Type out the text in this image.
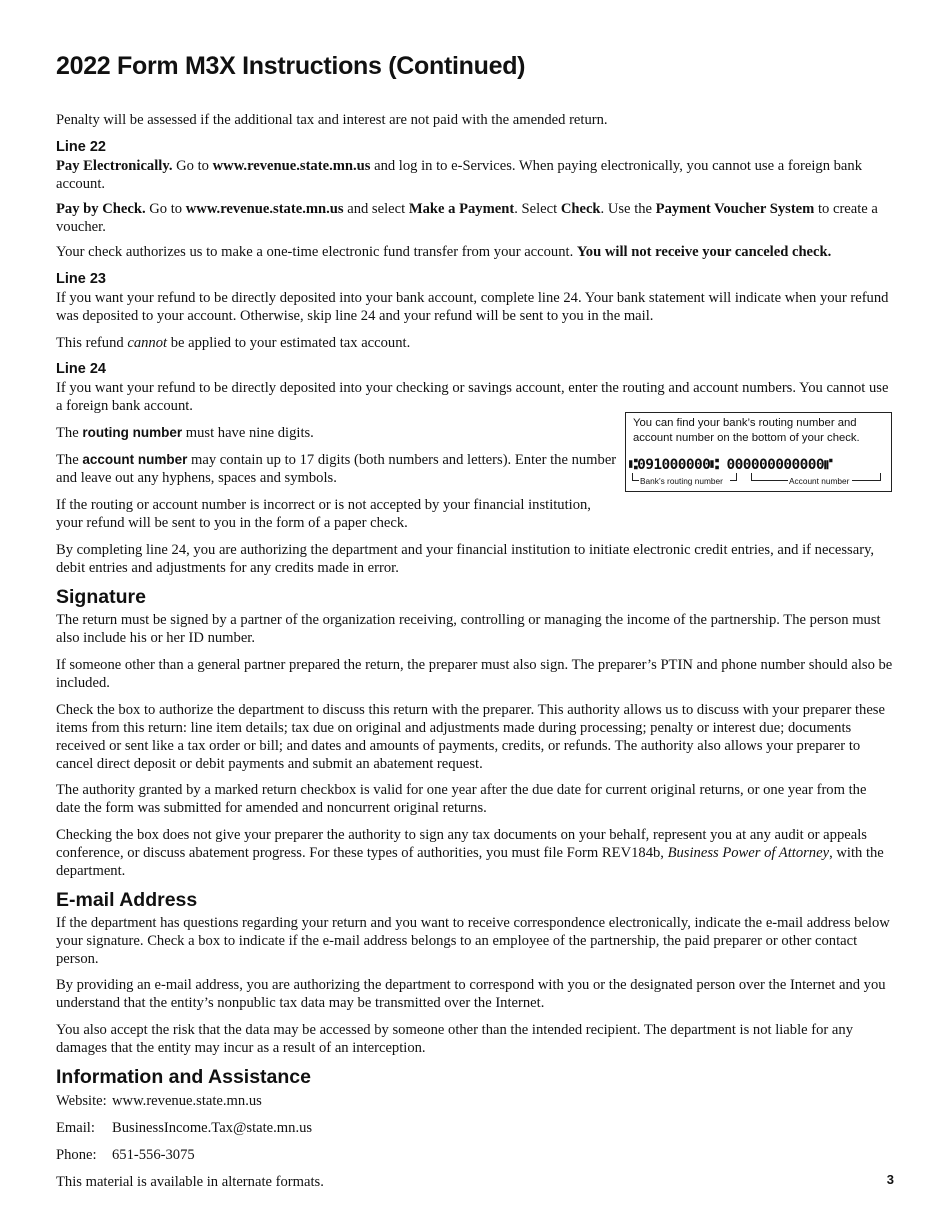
2022 Form M3X Instructions (Continued)

Penalty will be assessed if the additional tax and interest are not paid with the amended return.

Line 22

Pay Electronically. Go to www.revenue.state.mn.us and log in to e-Services. When paying electronically, you cannot use a foreign bank account.

Pay by Check. Go to www.revenue.state.mn.us and select Make a Payment. Select Check. Use the Payment Voucher System to create a voucher.

Your check authorizes us to make a one-time electronic fund transfer from your account. You will not receive your canceled check.

Line 23

If you want your refund to be directly deposited into your bank account, complete line 24. Your bank statement will indicate when your refund was deposited to your account. Otherwise, skip line 24 and your refund will be sent to you in the mail.

This refund cannot be applied to your estimated tax account.

Line 24

If you want your refund to be directly deposited into your checking or savings account, enter the routing and account numbers. You cannot use a foreign bank account.

The routing number must have nine digits.

The account number may contain up to 17 digits (both numbers and letters). Enter the number and leave out any hyphens, spaces and symbols.

If the routing or account number is incorrect or is not accepted by your financial institution, your refund will be sent to you in the form of a paper check.

By completing line 24, you are authorizing the department and your financial institution to initiate electronic credit entries, and if necessary, debit entries and adjustments for any credits made in error.

Signature

The return must be signed by a partner of the organization receiving, controlling or managing the income of the partnership. The person must also include his or her ID number.

If someone other than a general partner prepared the return, the preparer must also sign. The preparer’s PTIN and phone number should also be included.

Check the box to authorize the department to discuss this return with the preparer. This authority allows us to discuss with your preparer these items from this return: line item details; tax due on original and adjustments made during processing; penalty or interest due; documents received or sent like a tax order or bill; and dates and amounts of payments, credits, or refunds. The authority also allows your preparer to cancel direct deposit or debit payments and submit an abatement request.

The authority granted by a marked return checkbox is valid for one year after the due date for current original returns, or one year from the date the form was submitted for amended and noncurrent original returns.

Checking the box does not give your preparer the authority to sign any tax documents on your behalf, represent you at any audit or appeals conference, or discuss abatement progress. For these types of authorities, you must file Form REV184b, Business Power of Attorney, with the department.

E-mail Address

If the department has questions regarding your return and you want to receive correspondence electronically, indicate the e-mail address below your signature. Check a box to indicate if the e-mail address belongs to an employee of the partnership, the paid preparer or other contact person.

By providing an e-mail address, you are authorizing the department to correspond with you or the designated person over the Internet and you understand that the entity’s nonpublic tax data may be transmitted over the Internet.

You also accept the risk that the data may be accessed by someone other than the intended recipient. The department is not liable for any damages that the entity may incur as a result of an interception.

Information and Assistance
Website: www.revenue.state.mn.us
Email:	BusinessIncome.Tax@state.mn.us
Phone:	651-556-3075

This material is available in alternate formats.

You can find your bank’s routing number and account number on the bottom of your check.
⑆091000000⑆ 000000000000⑈
Bank’s routing number	Account number
3
